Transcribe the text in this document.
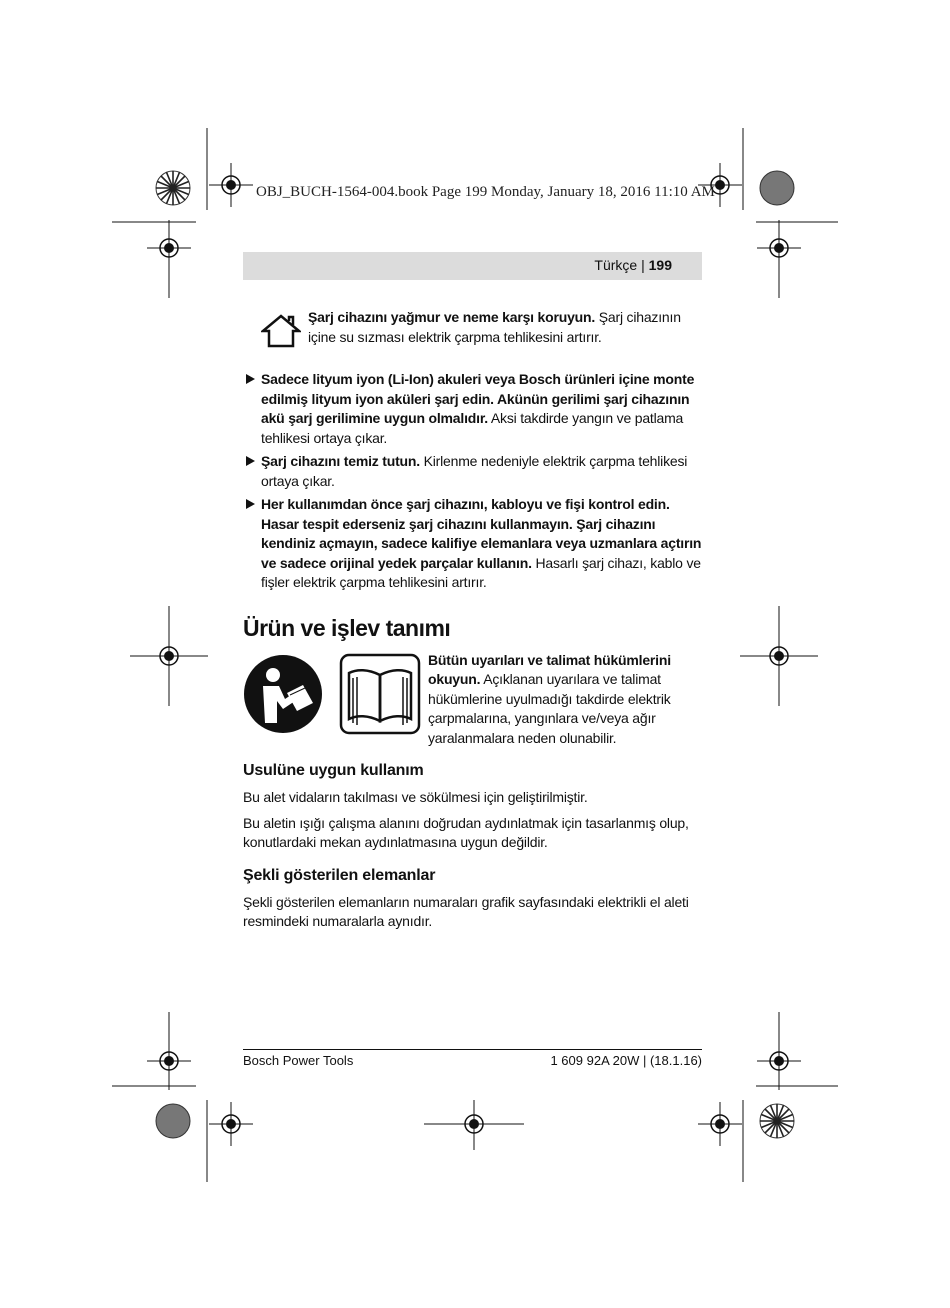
OBJ_BUCH-1564-004.book Page 199 Monday, January 18, 2016 11:10 AM
Türkçe | 199
Şarj cihazını yağmur ve neme karşı koruyun. Şarj cihazının içine su sızması elektrik çarpma tehlikesini artırır.
Sadece lityum iyon (Li-Ion) akuleri veya Bosch ürünleri içine monte edilmiş lityum iyon aküleri şarj edin. Akünün gerilimi şarj cihazının akü şarj gerilimine uygun olmalıdır. Aksi takdirde yangın ve patlama tehlikesi ortaya çıkar.
Şarj cihazını temiz tutun. Kirlenme nedeniyle elektrik çarpma tehlikesi ortaya çıkar.
Her kullanımdan önce şarj cihazını, kabloyu ve fişi kontrol edin. Hasar tespit ederseniz şarj cihazını kullanmayın. Şarj cihazını kendiniz açmayın, sadece kalifiye elemanlara veya uzmanlara açtırın ve sadece orijinal yedek parçalar kullanın. Hasarlı şarj cihazı, kablo ve fişler elektrik çarpma tehlikesini artırır.
Ürün ve işlev tanımı
Bütün uyarıları ve talimat hükümlerini okuyun. Açıklanan uyarılara ve talimat hükümlerine uyulmadığı takdirde elektrik çarpmalarına, yangınlara ve/veya ağır yaralanmalara neden olunabilir.
Usulüne uygun kullanım

Bu alet vidaların takılması ve sökülmesi için geliştirilmiştir.

Bu aletin ışığı çalışma alanını doğrudan aydınlatmak için tasarlanmış olup, konutlardaki mekan aydınlatmasına uygun değildir.

Şekli gösterilen elemanlar

Şekli gösterilen elemanların numaraları grafik sayfasındaki elektrikli el aleti resmindeki numaralarla aynıdır.

Bosch Power Tools	1 609 92A 20W | (18.1.16)
